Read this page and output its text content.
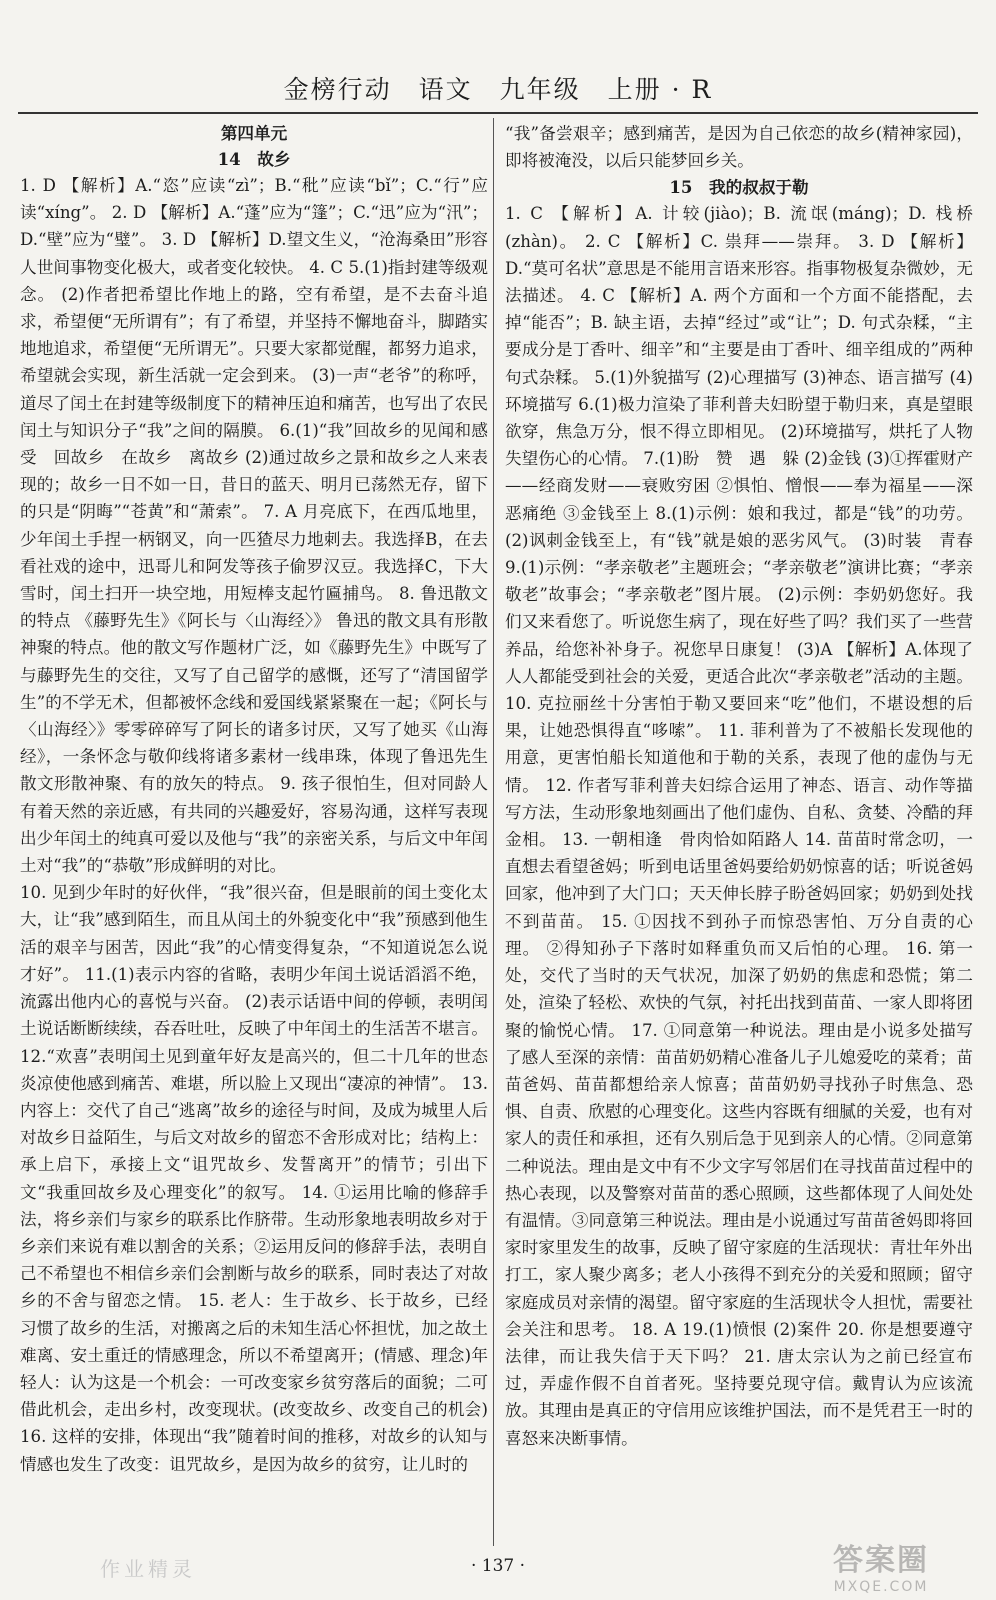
金榜行动　语文　九年级　上册 · R

第四单元

14　故乡

1. D 【解析】A.“恣”应读“zì”；B.“秕”应读“bǐ”；C.“行”应读“xíng”。 2. D 【解析】A.“蓬”应为“篷”；C.“迅”应为“汛”；D.“壁”应为“璧”。 3. D 【解析】D.望文生义，“沧海桑田”形容人世间事物变化极大，或者变化较快。 4. C 5.(1)指封建等级观念。 (2)作者把希望比作地上的路，空有希望，是不去奋斗追求，希望便“无所谓有”；有了希望，并坚持不懈地奋斗，脚踏实地地追求，希望便“无所谓无”。只要大家都觉醒，都努力追求，希望就会实现，新生活就一定会到来。 (3)一声“老爷”的称呼，道尽了闰土在封建等级制度下的精神压迫和痛苦，也写出了农民闰土与知识分子“我”之间的隔膜。 6.(1)“我”回故乡的见闻和感受　回故乡　在故乡　离故乡 (2)通过故乡之景和故乡之人来表现的；故乡一日不如一日，昔日的蓝天、明月已荡然无存，留下的只是“阴晦”“苍黄”和“萧索”。 7. A 月亮底下，在西瓜地里，少年闰土手捏一柄钢叉，向一匹猹尽力地刺去。我选择B，在去看社戏的途中，迅哥儿和阿发等孩子偷罗汉豆。我选择C，下大雪时，闰土扫开一块空地，用短棒支起竹匾捕鸟。 8. 鲁迅散文的特点 《藤野先生》《阿长与〈山海经〉》 鲁迅的散文具有形散神聚的特点。他的散文写作题材广泛，如《藤野先生》中既写了与藤野先生的交往，又写了自己留学的感慨，还写了“清国留学生”的不学无术，但都被怀念线和爱国线紧紧聚在一起；《阿长与〈山海经〉》零零碎碎写了阿长的诸多讨厌，又写了她买《山海经》，一条怀念与敬仰线将诸多素材一线串珠，体现了鲁迅先生散文形散神聚、有的放矢的特点。 9. 孩子很怕生，但对同龄人有着天然的亲近感，有共同的兴趣爱好，容易沟通，这样写表现出少年闰土的纯真可爱以及他与“我”的亲密关系，与后文中年闰土对“我”的“恭敬”形成鲜明的对比。

10. 见到少年时的好伙伴，“我”很兴奋，但是眼前的闰土变化太大，让“我”感到陌生，而且从闰土的外貌变化中“我”预感到他生活的艰辛与困苦，因此“我”的心情变得复杂，“不知道说怎么说才好”。 11.(1)表示内容的省略，表明少年闰土说话滔滔不绝，流露出他内心的喜悦与兴奋。 (2)表示话语中间的停顿，表明闰土说话断断续续，吞吞吐吐，反映了中年闰土的生活苦不堪言。 12.“欢喜”表明闰土见到童年好友是高兴的，但二十几年的世态炎凉使他感到痛苦、难堪，所以脸上又现出“凄凉的神情”。 13. 内容上：交代了自己“逃离”故乡的途径与时间，及成为城里人后对故乡日益陌生，与后文对故乡的留恋不舍形成对比；结构上：承上启下，承接上文“诅咒故乡、发誓离开”的情节；引出下文“我重回故乡及心理变化”的叙写。 14. ①运用比喻的修辞手法，将乡亲们与家乡的联系比作脐带。生动形象地表明故乡对于乡亲们来说有难以割舍的关系；②运用反问的修辞手法，表明自己不希望也不相信乡亲们会割断与故乡的联系，同时表达了对故乡的不舍与留恋之情。 15. 老人：生于故乡、长于故乡，已经习惯了故乡的生活，对搬离之后的未知生活心怀担忧，加之故土难离、安土重迁的情感理念，所以不希望离开；(情感、理念)年轻人：认为这是一个机会：一可改变家乡贫穷落后的面貌；二可借此机会，走出乡村，改变现状。(改变故乡、改变自己的机会) 16. 这样的安排，体现出“我”随着时间的推移，对故乡的认知与情感也发生了改变：诅咒故乡，是因为故乡的贫穷，让儿时的

“我”备尝艰辛；感到痛苦，是因为自己依恋的故乡(精神家园)，即将被淹没，以后只能梦回乡关。

15　我的叔叔于勒

1. C 【解析】A. 计较(jiào)；B. 流氓(máng)；D. 栈桥(zhàn)。 2. C 【解析】C. 祟拜——崇拜。 3. D 【解析】D.“莫可名状”意思是不能用言语来形容。指事物极复杂微妙，无法描述。 4. C 【解析】A. 两个方面和一个方面不能搭配，去掉“能否”；B. 缺主语，去掉“经过”或“让”；D. 句式杂糅，“主要成分是丁香叶、细辛”和“主要是由丁香叶、细辛组成的”两种句式杂糅。 5.(1)外貌描写 (2)心理描写 (3)神态、语言描写 (4)环境描写 6.(1)极力渲染了菲利普夫妇盼望于勒归来，真是望眼欲穿，焦急万分，恨不得立即相见。 (2)环境描写，烘托了人物失望伤心的心情。 7.(1)盼　赞　遇　躲 (2)金钱 (3)①挥霍财产——经商发财——衰败穷困 ②惧怕、憎恨——奉为福星——深恶痛绝 ③金钱至上 8.(1)示例：娘和我过，都是“钱”的功劳。 (2)讽刺金钱至上，有“钱”就是娘的恶劣风气。 (3)时装　青春 9.(1)示例：“孝亲敬老”主题班会；“孝亲敬老”演讲比赛；“孝亲敬老”故事会；“孝亲敬老”图片展。 (2)示例：李奶奶您好。我们又来看您了。听说您生病了，现在好些了吗？我们买了一些营养品，给您补补身子。祝您早日康复！ (3)A 【解析】A.体现了人人都能受到社会的关爱，更适合此次“孝亲敬老”活动的主题。 10. 克拉丽丝十分害怕于勒又要回来“吃”他们，不堪设想的后果，让她恐惧得直“哆嗦”。 11. 菲利普为了不被船长发现他的用意，更害怕船长知道他和于勒的关系，表现了他的虚伪与无情。 12. 作者写菲利普夫妇综合运用了神态、语言、动作等描写方法，生动形象地刻画出了他们虚伪、自私、贪婪、冷酷的拜金相。 13. 一朝相逢　骨肉恰如陌路人 14. 苗苗时常念叨，一直想去看望爸妈；听到电话里爸妈要给奶奶惊喜的话；听说爸妈回家，他冲到了大门口；天天伸长脖子盼爸妈回家；奶奶到处找不到苗苗。 15. ①因找不到孙子而惊恐害怕、万分自责的心理。 ②得知孙子下落时如释重负而又后怕的心理。 16. 第一处，交代了当时的天气状况，加深了奶奶的焦虑和恐慌；第二处，渲染了轻松、欢快的气氛，衬托出找到苗苗、一家人即将团聚的愉悦心情。 17. ①同意第一种说法。理由是小说多处描写了感人至深的亲情：苗苗奶奶精心准备儿子儿媳爱吃的菜肴；苗苗爸妈、苗苗都想给亲人惊喜；苗苗奶奶寻找孙子时焦急、恐惧、自责、欣慰的心理变化。这些内容既有细腻的关爱，也有对家人的责任和承担，还有久别后急于见到亲人的心情。②同意第二种说法。理由是文中有不少文字写邻居们在寻找苗苗过程中的热心表现，以及警察对苗苗的悉心照顾，这些都体现了人间处处有温情。③同意第三种说法。理由是小说通过写苗苗爸妈即将回家时家里发生的故事，反映了留守家庭的生活现状：青壮年外出打工，家人聚少离多；老人小孩得不到充分的关爱和照顾；留守家庭成员对亲情的渴望。留守家庭的生活现状令人担忧，需要社会关注和思考。 18. A 19.(1)愤恨 (2)案件 20. 你是想要遵守法律，而让我失信于天下吗？ 21. 唐太宗认为之前已经宣布过，弄虚作假不自首者死。坚持要兑现守信。戴胄认为应该流放。其理由是真正的守信用应该维护国法，而不是凭君王一时的喜怒来决断事情。

· 137 ·
作业精灵	答案圈
MXQE.COM
